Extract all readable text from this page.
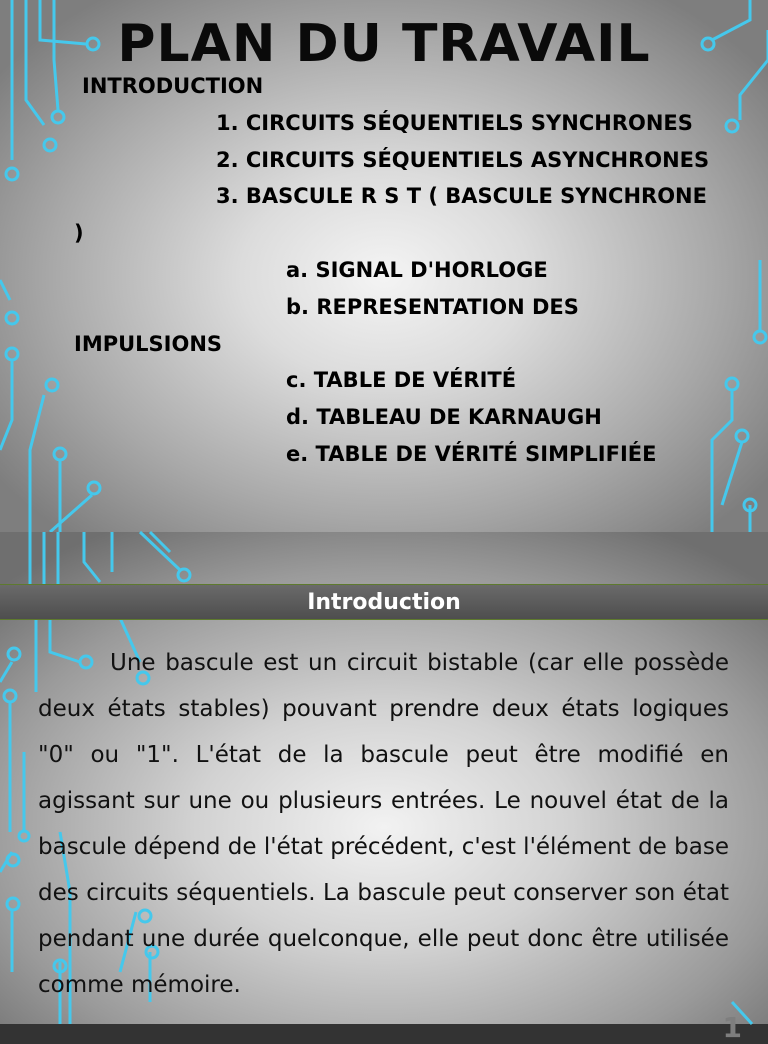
PLAN DU TRAVAIL
INTRODUCTION
1. CIRCUITS SÉQUENTIELS SYNCHRONES
2. CIRCUITS SÉQUENTIELS ASYNCHRONES
3. BASCULE R S T ( BASCULE SYNCHRONE )
a. SIGNAL D'HORLOGE
b. REPRESENTATION DES IMPULSIONS
c. TABLE DE VÉRITÉ
d. TABLEAU DE KARNAUGH
e. TABLE DE VÉRITÉ SIMPLIFIÉE
Introduction

Une bascule est un circuit bistable (car elle possède deux états stables) pouvant prendre deux états logiques "0" ou "1". L'état de la bascule peut être modifié en agissant sur une ou plusieurs entrées. Le nouvel état de la bascule dépend de l'état précédent, c'est l'élément de base des circuits séquentiels. La bascule peut conserver son état pendant une durée quelconque, elle peut donc être utilisée comme mémoire.

1
